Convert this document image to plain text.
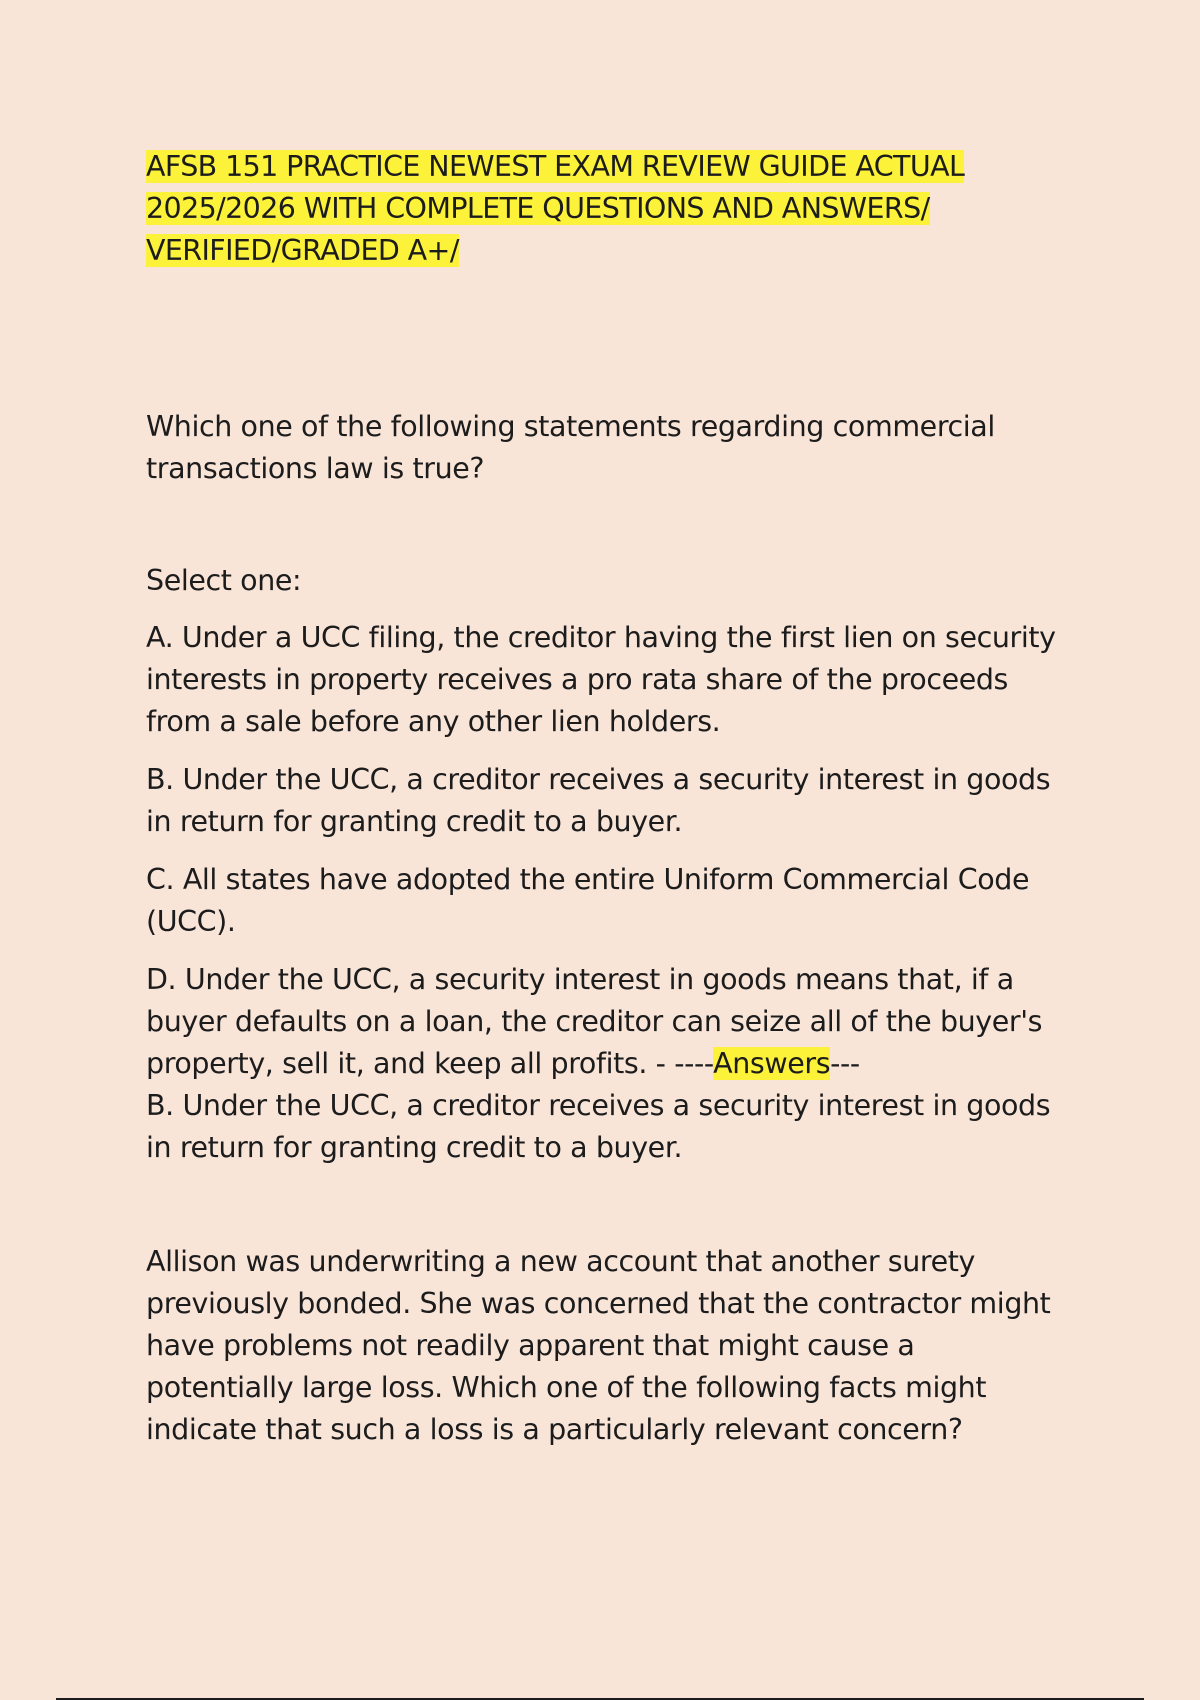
AFSB 151 PRACTICE NEWEST EXAM REVIEW GUIDE ACTUAL
2025/2026 WITH COMPLETE QUESTIONS AND ANSWERS/
VERIFIED/GRADED A+/

Which one of the following statements regarding commercial transactions law is true?

Select one:

A. Under a UCC filing, the creditor having the first lien on security interests in property receives a pro rata share of the proceeds from a sale before any other lien holders.

B. Under the UCC, a creditor receives a security interest in goods in return for granting credit to a buyer.

C. All states have adopted the entire Uniform Commercial Code (UCC).

D. Under the UCC, a security interest in goods means that, if a buyer defaults on a loan, the creditor can seize all of the buyer's property, sell it, and keep all profits. - ----Answers---
B. Under the UCC, a creditor receives a security interest in goods in return for granting credit to a buyer.

Allison was underwriting a new account that another surety previously bonded. She was concerned that the contractor might have problems not readily apparent that might cause a potentially large loss. Which one of the following facts might indicate that such a loss is a particularly relevant concern?
